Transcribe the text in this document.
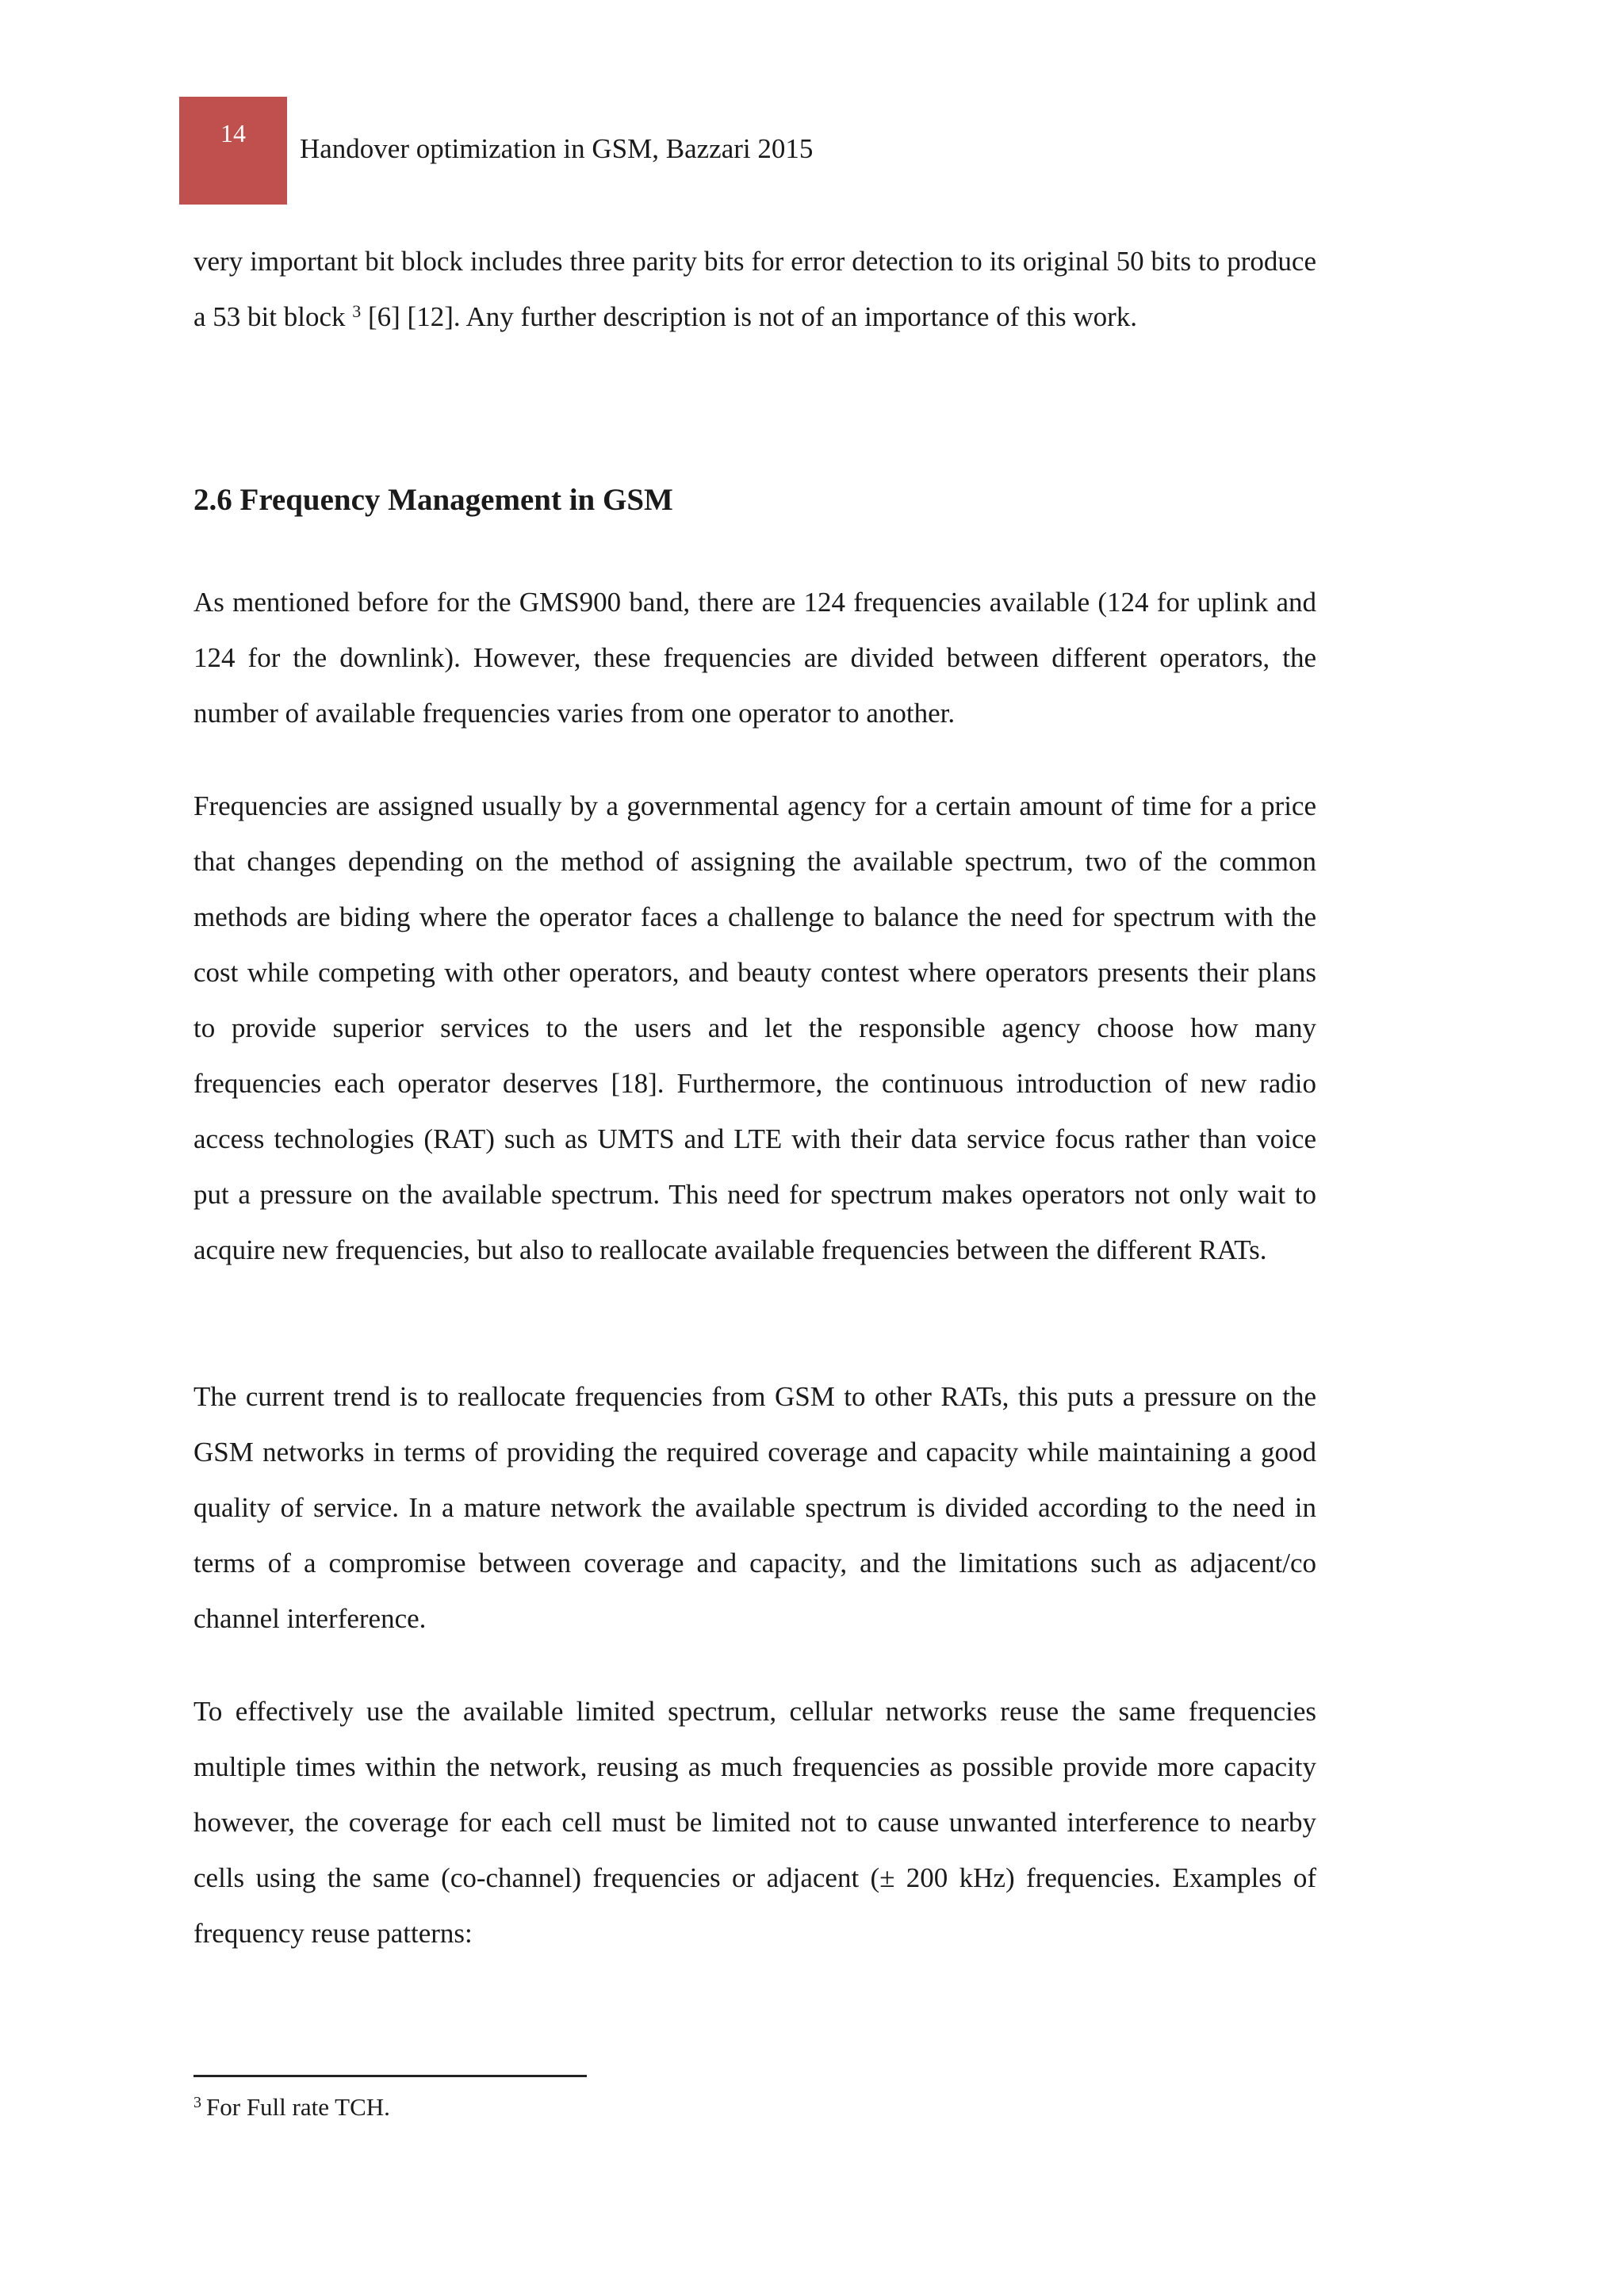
14	Handover optimization in GSM, Bazzari 2015

very important bit block includes three parity bits for error detection to its original 50 bits to produce a 53 bit block $^3$ [6] [12]. Any further description is not of an importance of this work.

2.6 Frequency Management in GSM

As mentioned before for the GMS900 band, there are 124 frequencies available (124 for uplink and 124 for the downlink). However, these frequencies are divided between different operators, the number of available frequencies varies from one operator to another.

Frequencies are assigned usually by a governmental agency for a certain amount of time for a price that changes depending on the method of assigning the available spectrum, two of the common methods are biding where the operator faces a challenge to balance the need for spectrum with the cost while competing with other operators, and beauty contest where operators presents their plans to provide superior services to the users and let the responsible agency choose how many frequencies each operator deserves [18]. Furthermore, the continuous introduction of new radio access technologies (RAT) such as UMTS and LTE with their data service focus rather than voice put a pressure on the available spectrum. This need for spectrum makes operators not only wait to acquire new frequencies, but also to reallocate available frequencies between the different RATs.

The current trend is to reallocate frequencies from GSM to other RATs, this puts a pressure on the GSM networks in terms of providing the required coverage and capacity while maintaining a good quality of service. In a mature network the available spectrum is divided according to the need in terms of a compromise between coverage and capacity, and the limitations such as adjacent/co channel interference.

To effectively use the available limited spectrum, cellular networks reuse the same frequencies multiple times within the network, reusing as much frequencies as possible provide more capacity however, the coverage for each cell must be limited not to cause unwanted interference to nearby cells using the same (co-channel) frequencies or adjacent (± 200 kHz) frequencies. Examples of frequency reuse patterns:

$^3$ For Full rate TCH.
